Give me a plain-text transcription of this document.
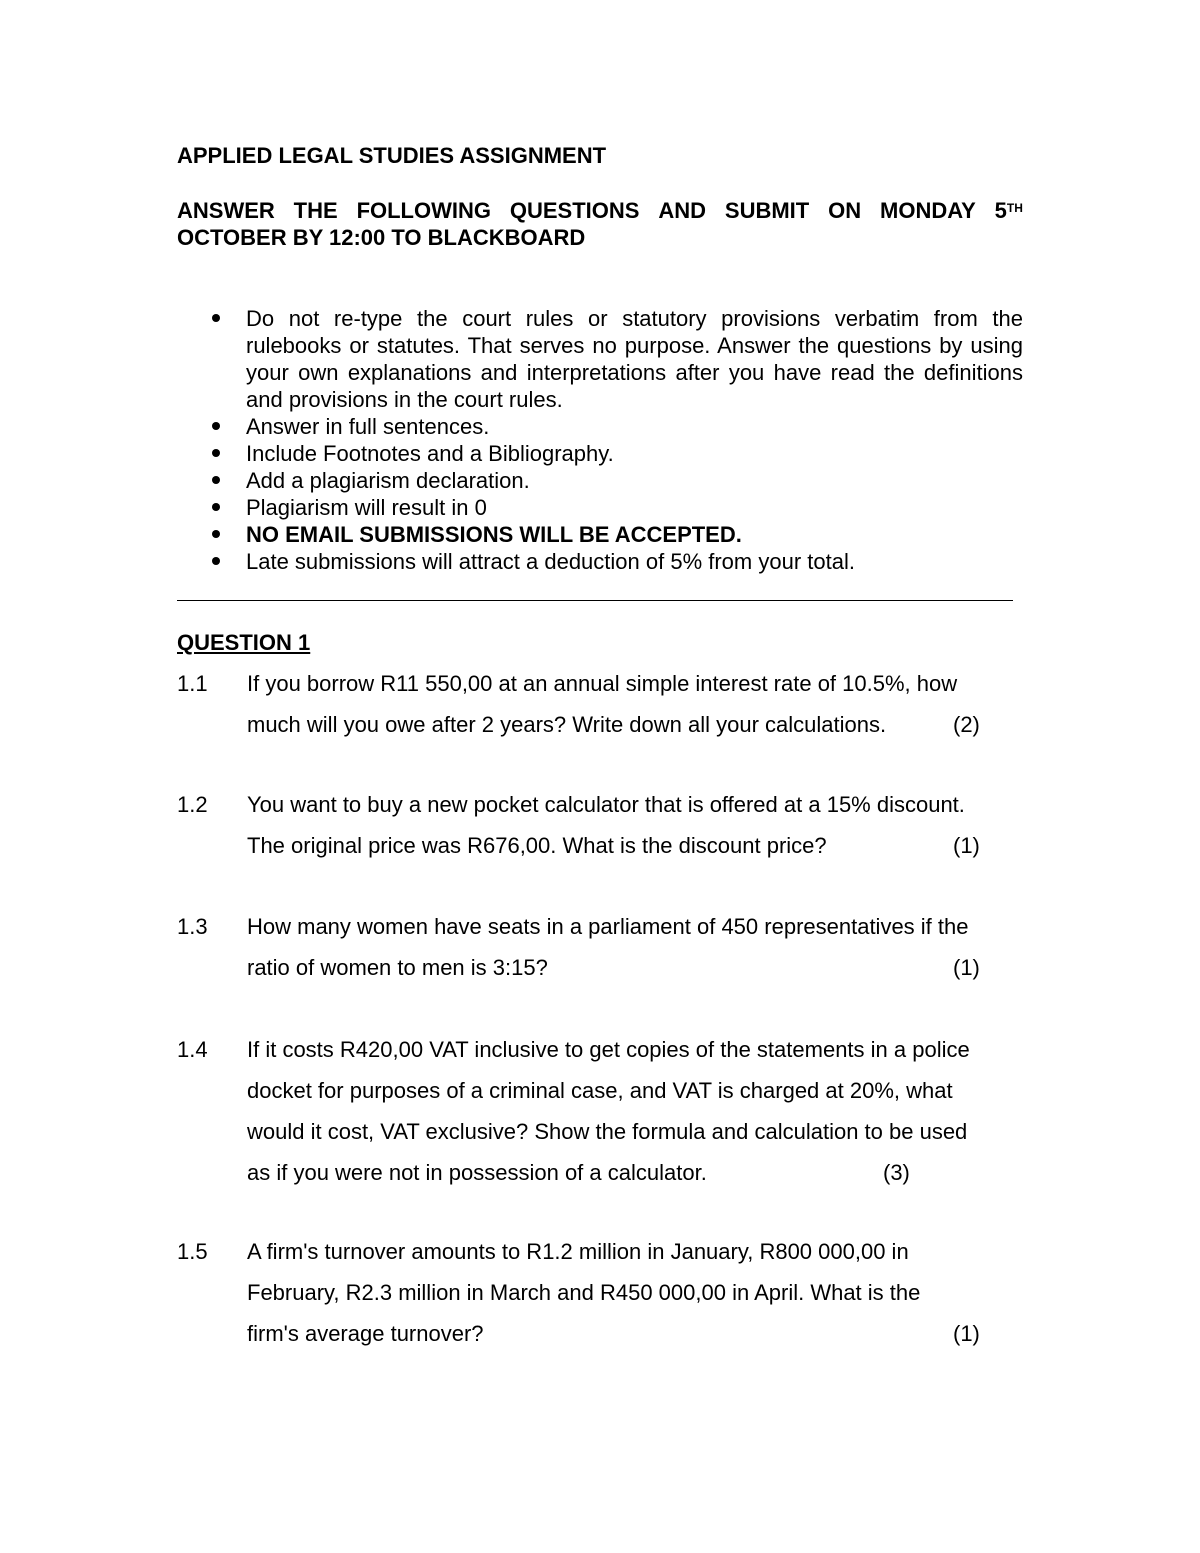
APPLIED LEGAL STUDIES ASSIGNMENT
ANSWER THE FOLLOWING QUESTIONS AND SUBMIT ON MONDAY 5TH
OCTOBER BY 12:00 TO BLACKBOARD
Do not re-type the court rules or statutory provisions verbatim from the rulebooks or statutes. That serves no purpose. Answer the questions by using your own explanations and interpretations after you have read the definitions and provisions in the court rules.
Answer in full sentences.
Include Footnotes and a Bibliography.
Add a plagiarism declaration.
Plagiarism will result in 0
NO EMAIL SUBMISSIONS WILL BE ACCEPTED.
Late submissions will attract a deduction of 5% from your total.
QUESTION 1
1.1	If you borrow R11 550,00 at an annual simple interest rate of 10.5%, how
much will you owe after 2 years? Write down all your calculations.	(2)
1.2	You want to buy a new pocket calculator that is offered at a 15% discount.
The original price was R676,00. What is the discount price?	(1)
1.3	How many women have seats in a parliament of 450 representatives if the
ratio of women to men is 3:15?	(1)
1.4	If it costs R420,00 VAT inclusive to get copies of the statements in a police
docket for purposes of a criminal case, and VAT is charged at 20%, what
would it cost, VAT exclusive? Show the formula and calculation to be used
as if you were not in possession of a calculator.	(3)
1.5	A firm's turnover amounts to R1.2 million in January, R800 000,00 in
February, R2.3 million in March and R450 000,00 in April. What is the
firm's average turnover?	(1)
